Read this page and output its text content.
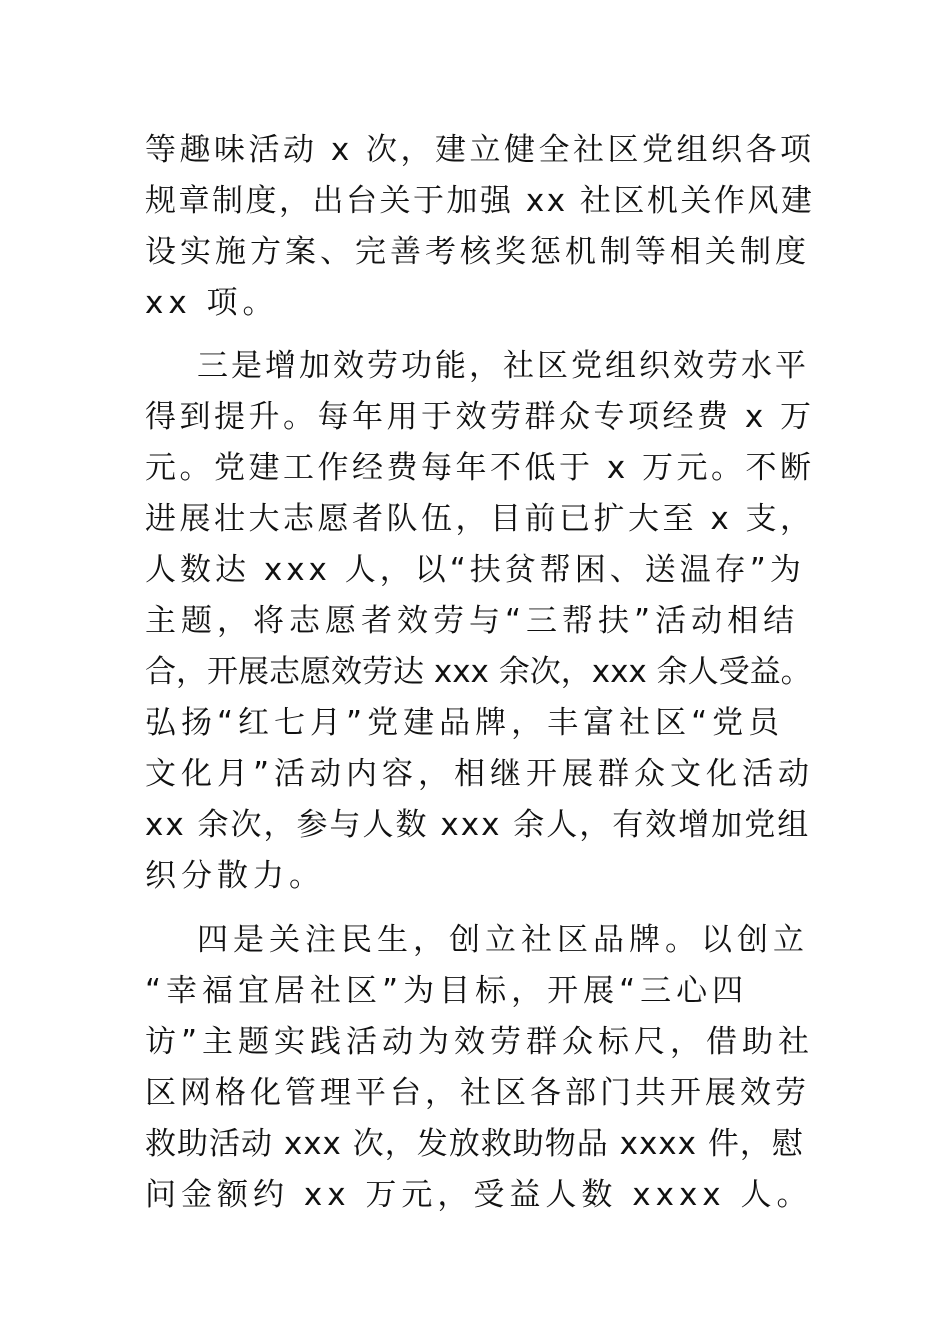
等趣味活动 x 次，建立健全社区党组织各项
规章制度，出台关于加强 xx 社区机关作风建
设实施方案、完善考核奖惩机制等相关制度
xx 项。
三是增加效劳功能，社区党组织效劳水平
得到提升。每年用于效劳群众专项经费 x 万
元。党建工作经费每年不低于 x 万元。不断
进展壮大志愿者队伍，目前已扩大至 x 支，
人数达 xxx 人，以“扶贫帮困、送温存”为
主题，将志愿者效劳与“三帮扶”活动相结
合，开展志愿效劳达 xxx 余次，xxx 余人受益。
弘扬“红七月”党建品牌，丰富社区“党员
文化月”活动内容，相继开展群众文化活动
xx 余次，参与人数 xxx 余人，有效增加党组
织分散力。
四是关注民生，创立社区品牌。以创立
“幸福宜居社区”为目标，开展“三心四
访”主题实践活动为效劳群众标尺，借助社
区网格化管理平台，社区各部门共开展效劳
救助活动 xxx 次，发放救助物品 xxxx 件，慰
问金额约 xx 万元，受益人数 xxxx 人。
